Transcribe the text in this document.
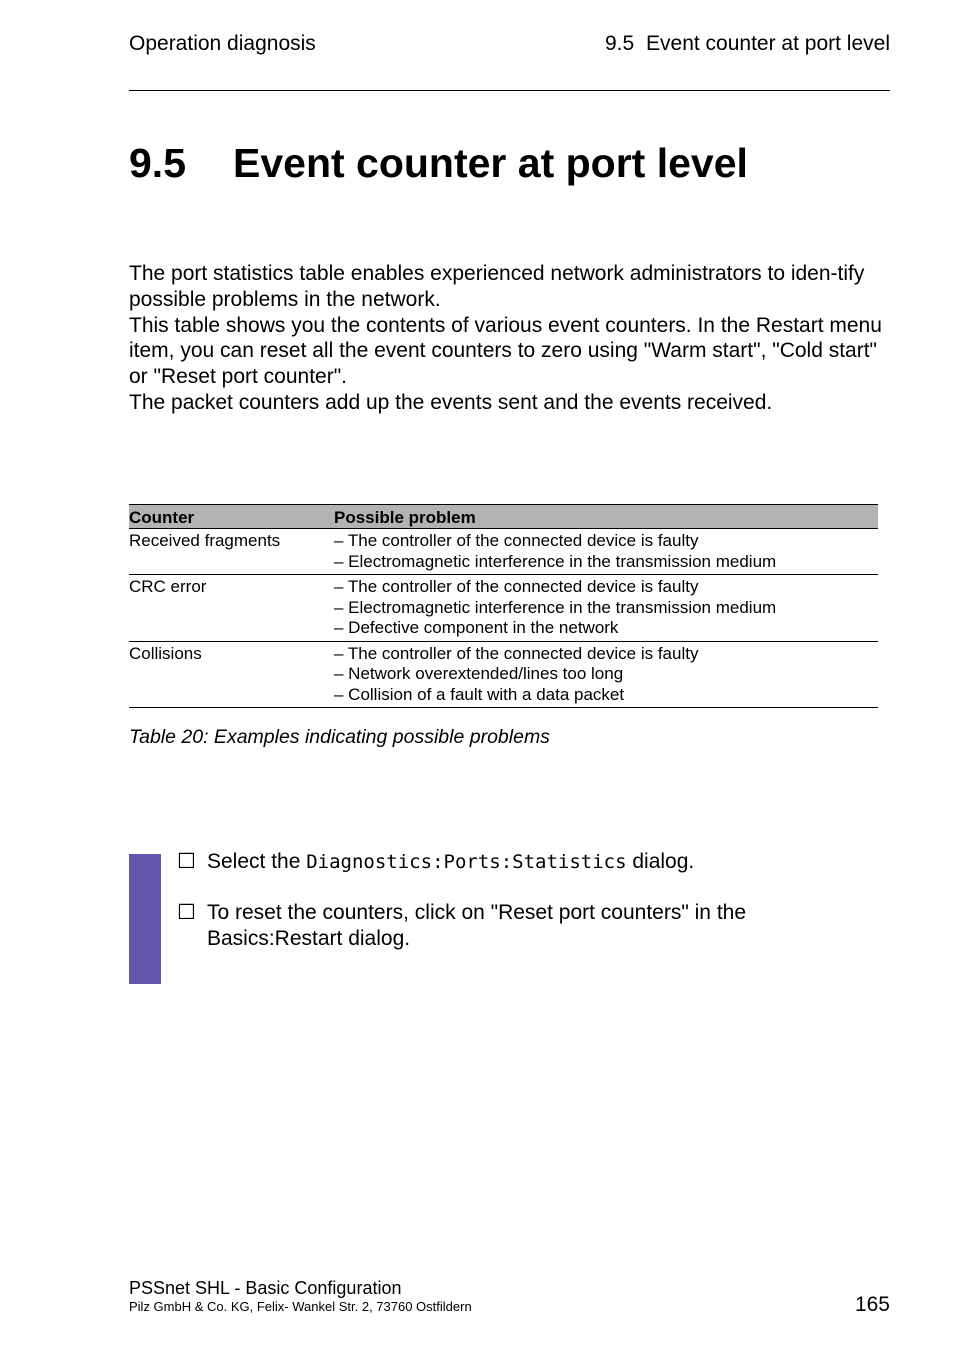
Operation diagnosis	9.5 Event counter at port level
9.5 Event counter at port level

The port statistics table enables experienced network administrators to iden-tify possible problems in the network.

This table shows you the contents of various event counters. In the Restart menu item, you can reset all the event counters to zero using "Warm start", "Cold start" or "Reset port counter".

The packet counters add up the events sent and the events received.

Counter	Possible problem
Received fragments	– The controller of the connected device is faulty
– Electromagnetic interference in the transmission medium

CRC error	– The controller of the connected device is faulty
– Electromagnetic interference in the transmission medium
– Defective component in the network

Collisions	– The controller of the connected device is faulty
– Network overextended/lines too long
– Collision of a fault with a data packet
Table 20: Examples indicating possible problems
☐ Select the Diagnostics:Ports:Statistics dialog.
☐ To reset the counters, click on "Reset port counters" in the Basics:Restart dialog.
PSSnet SHL - Basic Configuration
Pilz GmbH & Co. KG, Felix- Wankel Str. 2, 73760 Ostfildern	165
